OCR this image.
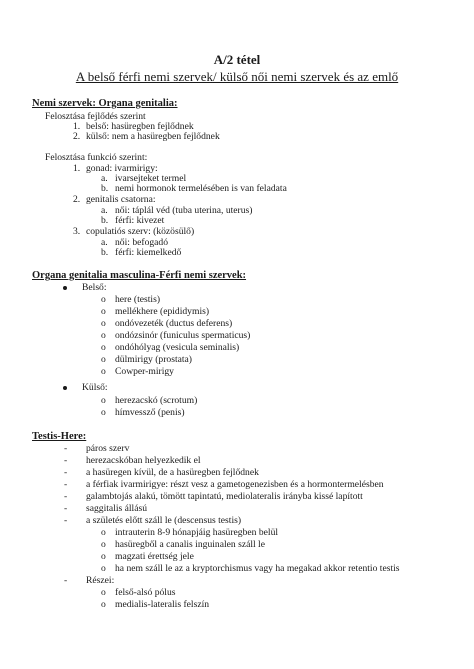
A/2 tétel
A belső férfi nemi szervek/ külső női nemi szervek és az emlő
Nemi szervek: Organa genitalia:
Felosztása fejlődés szerint
1. belső: hasüregben fejlődnek
2. külső: nem a hasüregben fejlődnek
Felosztása funkció szerint:
1. gonad: ivarmirigy:
a. ivarsejteket termel
b. nemi hormonok termelésében is van feladata
2. genitalis csatorna:
a. női: táplál véd (tuba uterina, uterus)
b. férfi: kivezet
3. copulatiós szerv: (közösülő)
a. női: befogadó
b. férfi: kiemelkedő
Organa genitalia masculina-Férfi nemi szervek:
Belső:
o here (testis)
o mellékhere (epididymis)
o ondóvezeték (ductus deferens)
o ondózsinór (funiculus spermaticus)
o ondóhólyag (vesicula seminalis)
o dülmirigy (prostata)
o Cowper-mirigy
Külső:
o herezacskó (scrotum)
o hímvessző (penis)
Testis-Here:
- páros szerv
- herezacskóban helyezkedik el
- a hasüregen kívül, de a hasüregben fejlődnek
- a férfiak ivarmirigye: részt vesz a gametogenezisben és a hormontermelésben
- galambtojás alakú, tömött tapintatú, mediolateralis irányba kissé lapított
- saggitalis állású
- a születés előtt száll le (descensus testis)
o intrauterin 8-9 hónapjáig hasüregben belül
o hasüregből a canalis inguinalen száll le
o magzati érettség jele
o ha nem száll le az a kryptorchismus vagy ha megakad akkor retentio testis
- Részei:
o felső-alsó pólus
o medialis-lateralis felszín
